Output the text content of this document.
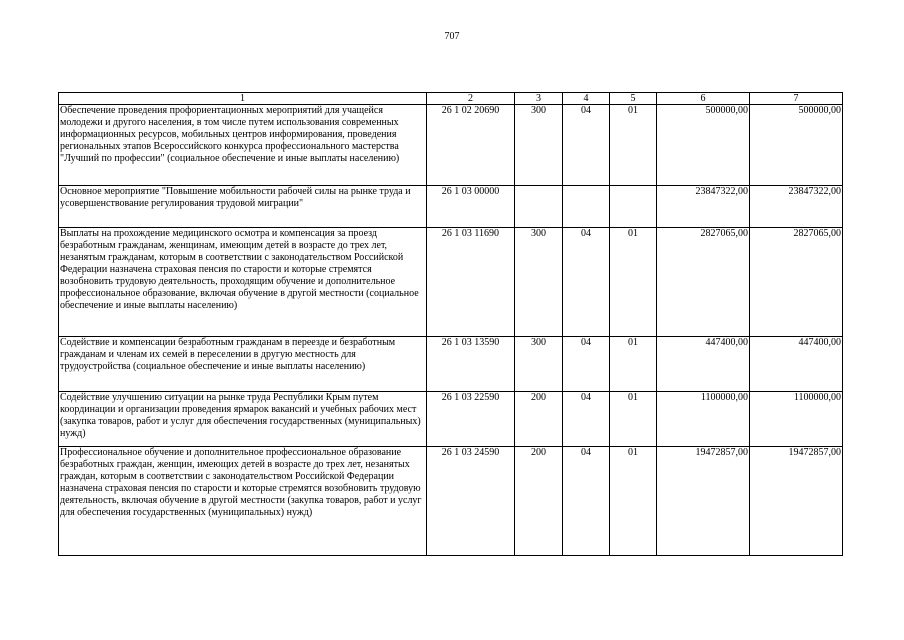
707
1	2	3	4	5	6	7
Обеспечение проведения профориентационных мероприятий для учащейся молодежи и другого населения, в том числе путем использования современных информационных ресурсов, мобильных центров информирования, проведения региональных этапов Всероссийского конкурса профессионального мастерства "Лучший по профессии" (социальное обеспечение и иные выплаты населению)	26 1 02 20690	300	04	01	500000,00	500000,00
Основное мероприятие "Повышение мобильности рабочей силы на рынке труда и усовершенствование регулирования трудовой миграции"	26 1 03 00000				23847322,00	23847322,00
Выплаты на прохождение медицинского осмотра и компенсация за проезд безработным гражданам, женщинам, имеющим детей в возрасте до трех лет, незанятым гражданам, которым в соответствии с законодательством Российской Федерации назначена страховая пенсия по старости и которые стремятся возобновить трудовую деятельность, проходящим обучение и дополнительное профессиональное образование, включая обучение в другой местности (социальное обеспечение и иные выплаты населению)	26 1 03 11690	300	04	01	2827065,00	2827065,00
Содействие и компенсации безработным гражданам в переезде и безработным гражданам и членам их семей в переселении в другую местность для трудоустройства (социальное обеспечение и иные выплаты населению)	26 1 03 13590	300	04	01	447400,00	447400,00
Содействие улучшению ситуации на рынке труда Республики Крым путем координации и организации проведения ярмарок вакансий и учебных рабочих мест (закупка товаров, работ и услуг для обеспечения государственных (муниципальных) нужд)	26 1 03 22590	200	04	01	1100000,00	1100000,00
Профессиональное обучение и дополнительное профессиональное образование безработных граждан, женщин, имеющих детей в возрасте до трех лет, незанятых граждан, которым в соответствии с законодательством Российской Федерации назначена страховая пенсия по старости и которые стремятся возобновить трудовую деятельность, включая обучение в другой местности (закупка товаров, работ и услуг для обеспечения государственных (муниципальных) нужд)	26 1 03 24590	200	04	01	19472857,00	19472857,00
